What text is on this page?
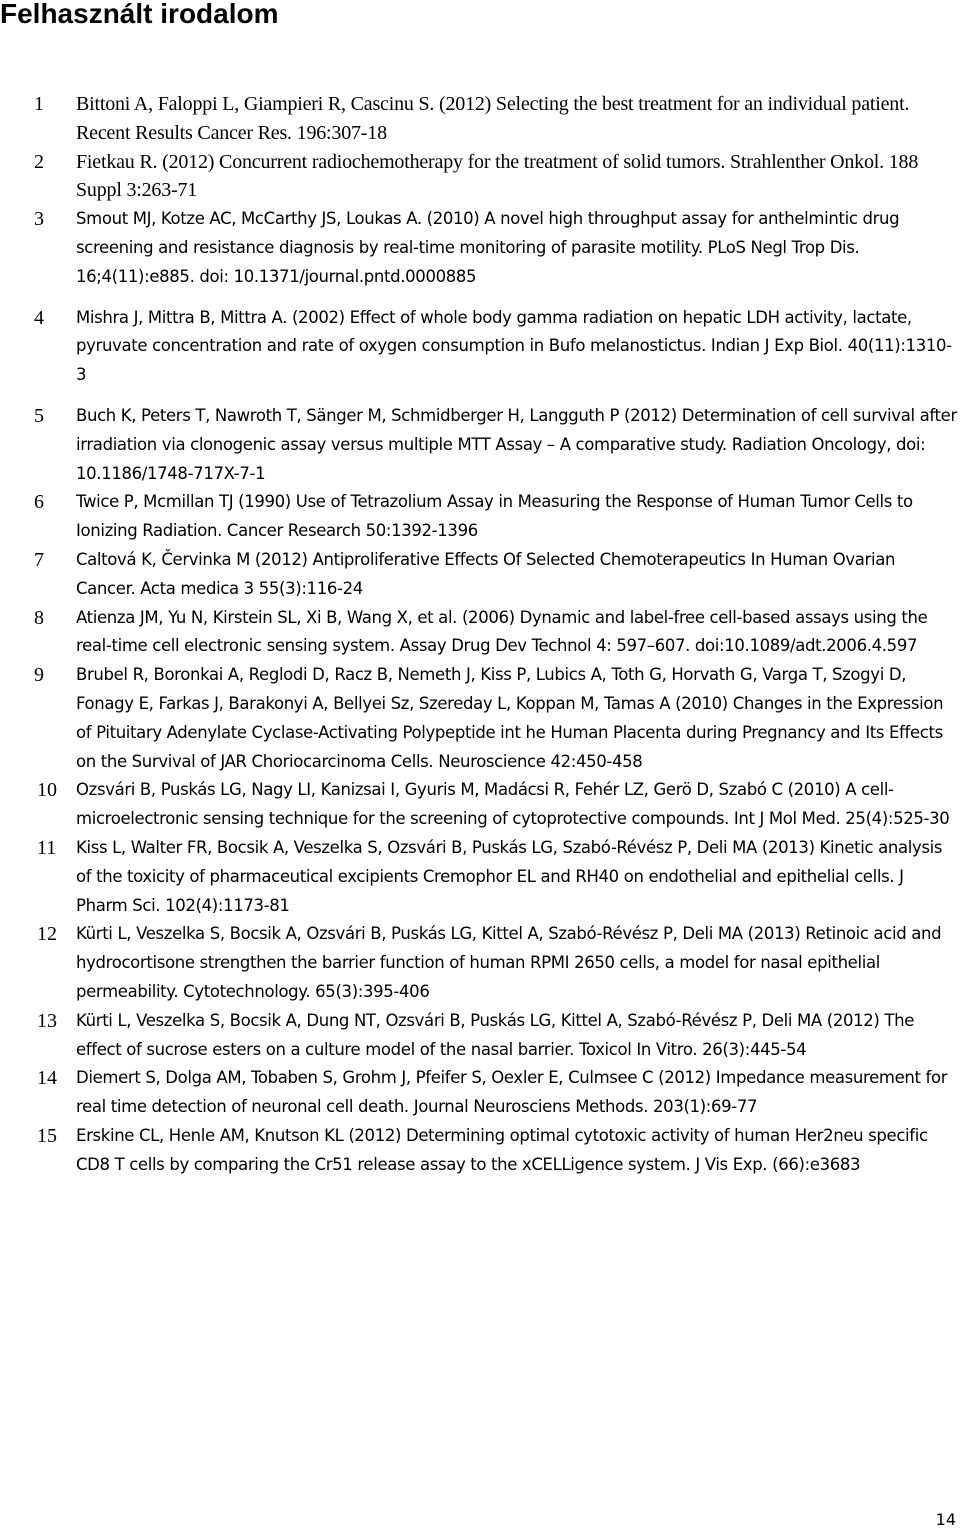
Felhasznált irodalom
1 Bittoni A, Faloppi L, Giampieri R, Cascinu S. (2012) Selecting the best treatment for an individual patient. Recent Results Cancer Res. 196:307-18
2 Fietkau R. (2012) Concurrent radiochemotherapy for the treatment of solid tumors. Strahlenther Onkol. 188 Suppl 3:263-71
3 Smout MJ, Kotze AC, McCarthy JS, Loukas A. (2010) A novel high throughput assay for anthelmintic drug screening and resistance diagnosis by real-time monitoring of parasite motility. PLoS Negl Trop Dis. 16;4(11):e885. doi: 10.1371/journal.pntd.0000885
4 Mishra J, Mittra B, Mittra A. (2002) Effect of whole body gamma radiation on hepatic LDH activity, lactate, pyruvate concentration and rate of oxygen consumption in Bufo melanostictus. Indian J Exp Biol. 40(11):1310-3
5 Buch K, Peters T, Nawroth T, Sänger M, Schmidberger H, Langguth P (2012) Determination of cell survival after irradiation via clonogenic assay versus multiple MTT Assay – A comparative study. Radiation Oncology, doi: 10.1186/1748-717X-7-1
6 Twice P, Mcmillan TJ (1990) Use of Tetrazolium Assay in Measuring the Response of Human Tumor Cells to Ionizing Radiation. Cancer Research 50:1392-1396
7 Caltová K, Červinka M (2012) Antiproliferative Effects Of Selected Chemoterapeutics In Human Ovarian Cancer. Acta medica 3 55(3):116-24
8 Atienza JM, Yu N, Kirstein SL, Xi B, Wang X, et al. (2006) Dynamic and label-free cell-based assays using the real-time cell electronic sensing system. Assay Drug Dev Technol 4: 597–607. doi:10.1089/adt.2006.4.597
9 Brubel R, Boronkai A, Reglodi D, Racz B, Nemeth J, Kiss P, Lubics A, Toth G, Horvath G, Varga T, Szogyi D, Fonagy E, Farkas J, Barakonyi A, Bellyei Sz, Szereday L, Koppan M, Tamas A (2010) Changes in the Expression of Pituitary Adenylate Cyclase-Activating Polypeptide int he Human Placenta during Pregnancy and Its Effects on the Survival of JAR Choriocarcinoma Cells. Neuroscience 42:450-458
10 Ozsvári B, Puskás LG, Nagy LI, Kanizsai I, Gyuris M, Madácsi R, Fehér LZ, Gerö D, Szabó C (2010) A cell-microelectronic sensing technique for the screening of cytoprotective compounds. Int J Mol Med. 25(4):525-30
11 Kiss L, Walter FR, Bocsik A, Veszelka S, Ozsvári B, Puskás LG, Szabó-Révész P, Deli MA (2013) Kinetic analysis of the toxicity of pharmaceutical excipients Cremophor EL and RH40 on endothelial and epithelial cells. J Pharm Sci. 102(4):1173-81
12 Kürti L, Veszelka S, Bocsik A, Ozsvári B, Puskás LG, Kittel A, Szabó-Révész P, Deli MA (2013) Retinoic acid and hydrocortisone strengthen the barrier function of human RPMI 2650 cells, a model for nasal epithelial permeability. Cytotechnology. 65(3):395-406
13 Kürti L, Veszelka S, Bocsik A, Dung NT, Ozsvári B, Puskás LG, Kittel A, Szabó-Révész P, Deli MA (2012) The effect of sucrose esters on a culture model of the nasal barrier. Toxicol In Vitro. 26(3):445-54
14 Diemert S, Dolga AM, Tobaben S, Grohm J, Pfeifer S, Oexler E, Culmsee C (2012) Impedance measurement for real time detection of neuronal cell death. Journal Neurosciens Methods. 203(1):69-77
15 Erskine CL, Henle AM, Knutson KL (2012) Determining optimal cytotoxic activity of human Her2neu specific CD8 T cells by comparing the Cr51 release assay to the xCELLigence system. J Vis Exp. (66):e3683
14
